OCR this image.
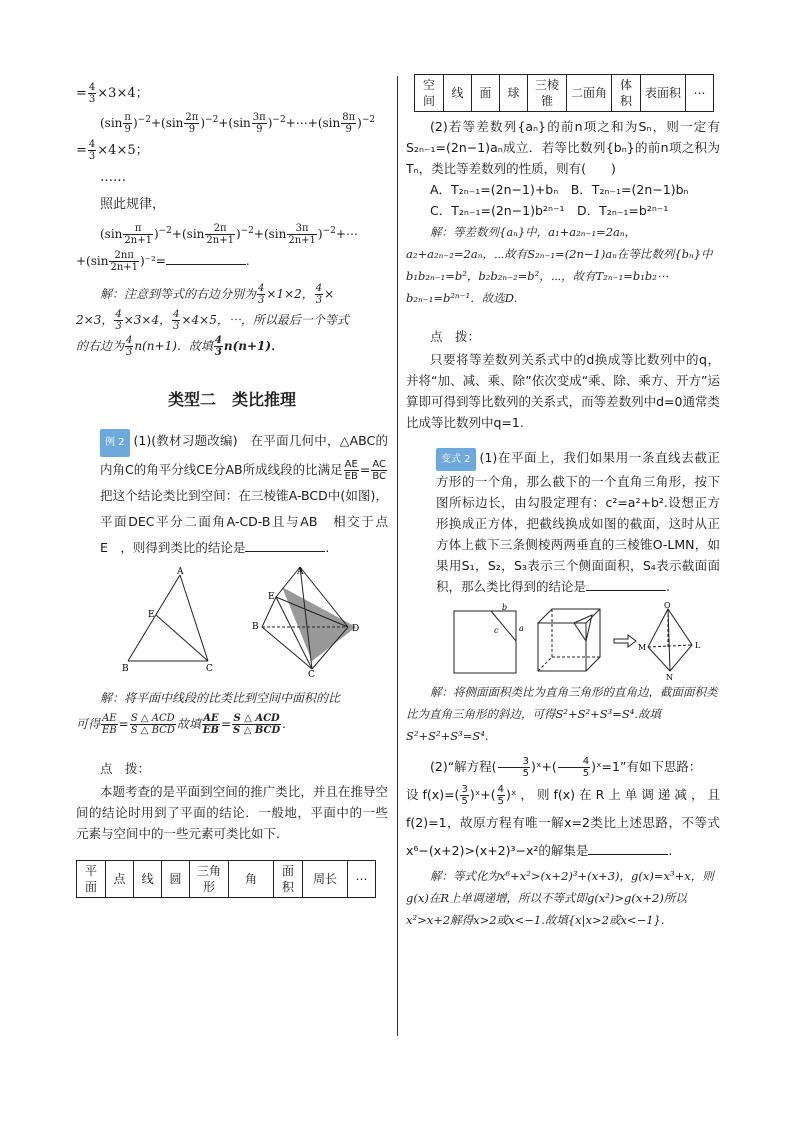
= $\frac{4}{3} \times 3\times 4$；
$(\sin \frac{\pi}{9} )^{-2}+(\sin \frac{2\pi}{9} )^{-2}+(\sin \frac{3\pi}{9}$ )$^{-2}$+⋯+(sin $\frac{8\pi}{9} )^{-2}$
= $\frac{4}{3} \times 4\times 5$；
……
照此规律，
$(\sin \frac{\pi}{2n+1} )^{-2}+(\sin \frac{2\pi}{2n+1} )^{-2}+(\sin \frac{3\pi}{2n+1}$ )$^{-2}$+⋯
$+(\sin \frac{2n\pi}{2n+1} )^{-2}=$	.
解：注意到等式的右边分别为 $\frac{4}{3} \times 1\times 2$， $\frac{4}{3}$ ×
2×3， $\frac{4}{3} \times 3\times 4$， $\frac{4}{3} \times 4\times 5$，⋯，所以最后一个等式
的右边为 $\frac{4}{3} n(n+1)$．故填 $\frac{4}{3} n(n+1)$．
类型二　类比推理
例 2 (1)(教材习题改编)　在平面几何中，△ABC的内角C的角平分线CE分AB所成线段的比满足 $\frac{AE}{EB} = \frac{AC}{BC}$
把这个结论类比到空间：在三棱锥A-BCD中(如图)，平面DEC平分二面角A-CD-B且与AB　相交于点E　，则得到类比的结论是	.
A
E
B	C
A
E
B	D
C
解：将平面中线段的比类比到空间中面积的比
可得 $\frac{AE}{EB} = \frac{\text{S △ ACD}}{\text{S △ BCD}}$ 故填 $\frac{AE}{EB} = \frac{\text{S △ ACD}}{\text{S △ BCD}}$ .
点　拨：
本题考查的是平面到空间的推广类比，并且在推导空间的结论时用到了平面的结论．一般地，平面中的一些元素与空间中的一些元素可类比如下．
平面	点	线	圆	三角形	角	面积	周长	⋯
空间	线	面	球	三棱锥	二面角	体积	表面积	⋯
(2)若等差数列{aₙ}的前n项之和为Sₙ，则一定有S₂ₙ₋₁=(2n−1)aₙ成立．若等比数列{bₙ}的前n项之积为Tₙ，类比等差数列的性质，则有(　　)
A．T₂ₙ₋₁=(2n−1)+bₙ　 B．T₂ₙ₋₁=(2n−1)bₙ
C．T₂ₙ₋₁=(2n−1)b²ⁿ⁻¹　 D．T₂ₙ₋₁=b²ⁿ⁻¹
解：等差数列{aₙ}中，a₁+a₂ₙ₋₁=2aₙ，a₂+a₂ₙ₋₂=2aₙ，⋯故有S₂ₙ₋₁=(2n−1)aₙ在等比数列{bₙ}中b₁b₂ₙ₋₁=b²，b₂b₂ₙ₋₂=b²，⋯，故有T₂ₙ₋₁=b₁b₂⋯b₂ₙ₋₁=b²ⁿ⁻¹．故选D.
点　拨：
只要将等差数列关系式中的d换成等比数列中的q，并将“加、减、乘、除”依次变成“乘、除、乘方、开方”运算即可得到等比数列的关系式，而等差数列中d=0通常类比成等比数列中q=1.
变式 2 (1)在平面上，我们如果用一条直线去截正方形的一个角，那么截下的一个直角三角形，按下图所标边长，由勾股定理有：c²=a²+b².设想正方形换成正方体，把截线换成如图的截面，这时从正方体上截下三条侧棱两两垂直的三棱锥O-LMN，如果用S₁，S₂，S₃表示三个侧面面积，S₄表示截面面积，那么类比得到的结论是	.
b
c	a
O
M	L
N
解：将侧面面积类比为直角三角形的直角边，截面面积类比为直角三角形的斜边，可得S²+S²+S³=S⁴.故填S²+S²+S³=S⁴.
(2)“解方程( $\frac{3}{5}$ )ˣ+( $\frac{4}{5}$ )ˣ=1”有如下思路：
设$f(x)=( \frac{3}{5}$ )ˣ+( $\frac{4}{5}$ )ˣ，则f(x)在R上单调递减，且f(2)=1，故原方程有唯一解x=2类比上述思路，不等式x⁶−(x+2)>(x+2)³−x²的解集是	.
解：等式化为x⁶+x²>(x+2)³+(x+3)，g(x)=x³+x，则g(x)在R上单调递增，所以不等式即g(x²)>g(x+2)所以x²>x+2解得x>2或x<−1.故填{x|x>2或x<−1}.
